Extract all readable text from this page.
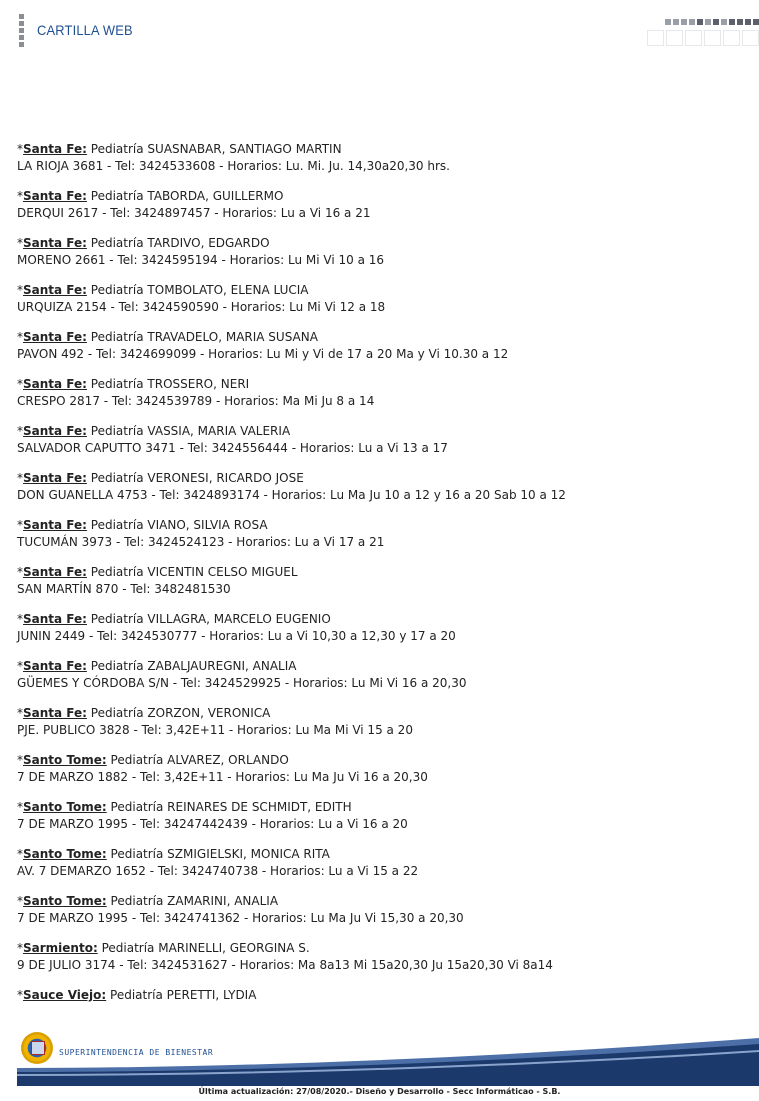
CARTILLA WEB
*Santa Fe: Pediatría SUASNABAR, SANTIAGO MARTIN
LA RIOJA 3681 - Tel: 3424533608 - Horarios: Lu. Mi. Ju. 14,30a20,30 hrs.
*Santa Fe: Pediatría TABORDA, GUILLERMO
DERQUI 2617 - Tel: 3424897457 - Horarios: Lu a Vi 16 a 21
*Santa Fe: Pediatría TARDIVO, EDGARDO
MORENO 2661 - Tel: 3424595194 - Horarios: Lu Mi Vi 10 a 16
*Santa Fe: Pediatría TOMBOLATO, ELENA LUCIA
URQUIZA 2154 - Tel: 3424590590 - Horarios: Lu Mi Vi 12 a 18
*Santa Fe: Pediatría TRAVADELO, MARIA SUSANA
PAVON 492 - Tel: 3424699099 - Horarios: Lu Mi y Vi de 17 a 20 Ma y Vi 10.30 a 12
*Santa Fe: Pediatría TROSSERO, NERI
CRESPO 2817 - Tel: 3424539789 - Horarios: Ma Mi Ju 8 a 14
*Santa Fe: Pediatría VASSIA, MARIA VALERIA
SALVADOR CAPUTTO 3471 - Tel: 3424556444 - Horarios: Lu a Vi 13 a 17
*Santa Fe: Pediatría VERONESI, RICARDO JOSE
DON GUANELLA 4753 - Tel: 3424893174 - Horarios: Lu Ma Ju 10 a 12 y 16 a 20 Sab 10 a 12
*Santa Fe: Pediatría VIANO, SILVIA ROSA
TUCUMÁN 3973 - Tel: 3424524123 - Horarios: Lu a Vi 17 a 21
*Santa Fe: Pediatría VICENTIN CELSO MIGUEL
SAN MARTÍN 870 - Tel: 3482481530
*Santa Fe: Pediatría VILLAGRA, MARCELO EUGENIO
JUNIN 2449 - Tel: 3424530777 - Horarios: Lu a Vi 10,30 a 12,30 y 17 a 20
*Santa Fe: Pediatría ZABALJAUREGNI, ANALIA
GÜEMES Y CÓRDOBA S/N - Tel: 3424529925 - Horarios: Lu Mi Vi 16 a 20,30
*Santa Fe: Pediatría ZORZON, VERONICA
PJE. PUBLICO 3828 - Tel: 3,42E+11 - Horarios: Lu Ma Mi Vi 15 a 20
*Santo Tome: Pediatría ALVAREZ, ORLANDO
7 DE MARZO 1882 - Tel: 3,42E+11 - Horarios: Lu Ma Ju Vi 16 a 20,30
*Santo Tome: Pediatría REINARES DE SCHMIDT, EDITH
7 DE MARZO 1995 - Tel: 34247442439 - Horarios: Lu a Vi 16 a 20
*Santo Tome: Pediatría SZMIGIELSKI, MONICA RITA
AV. 7 DEMARZO 1652 - Tel: 3424740738 - Horarios: Lu a Vi 15 a 22
*Santo Tome: Pediatría ZAMARINI, ANALIA
7 DE MARZO 1995 - Tel: 3424741362 - Horarios: Lu Ma Ju Vi 15,30 a 20,30
*Sarmiento: Pediatría MARINELLI, GEORGINA S.
9 DE JULIO 3174 - Tel: 3424531627 - Horarios: Ma 8a13 Mi 15a20,30 Ju 15a20,30 Vi 8a14
*Sauce Viejo: Pediatría PERETTI, LYDIA
SUPERINTENDENCIA DE BIENESTAR
Última actualización: 27/08/2020.- Diseño y Desarrollo - Secc Informáticao - S.B.
